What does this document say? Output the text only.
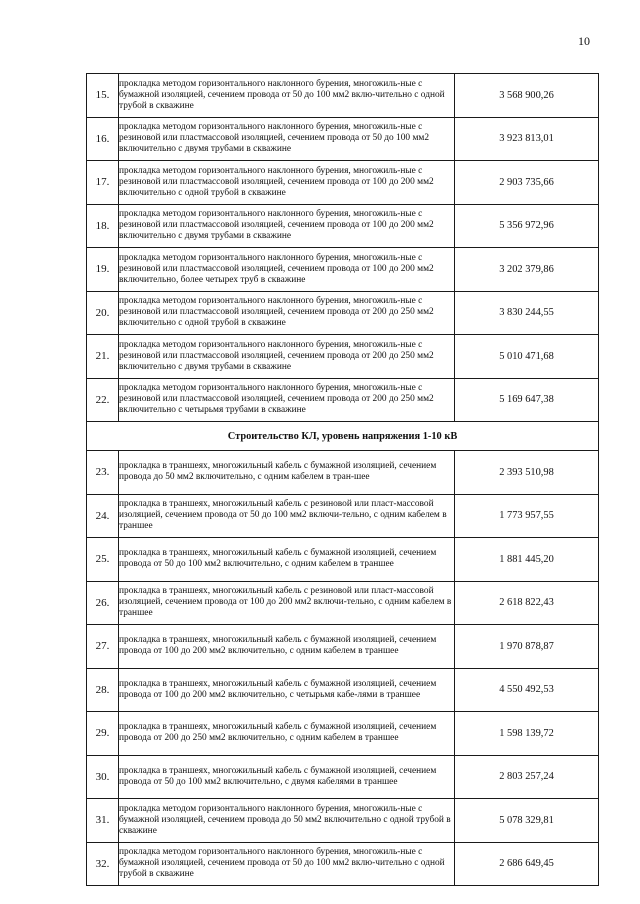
10
15.	прокладка методом горизонтального наклонного бурения, многожиль-ные с бумажной изоляцией, сечением провода от 50 до 100 мм2 вклю-чительно с одной трубой в скважине	3 568 900,26
16.	прокладка методом горизонтального наклонного бурения, многожиль-ные с резиновой или пластмассовой изоляцией, сечением провода от 50 до 100 мм2 включительно с двумя трубами в скважине	3 923 813,01
17.	прокладка методом горизонтального наклонного бурения, многожиль-ные с резиновой или пластмассовой изоляцией, сечением провода от 100 до 200 мм2 включительно с одной трубой в скважине	2 903 735,66
18.	прокладка методом горизонтального наклонного бурения, многожиль-ные с резиновой или пластмассовой изоляцией, сечением провода от 100 до 200 мм2 включительно с двумя трубами в скважине	5 356 972,96
19.	прокладка методом горизонтального наклонного бурения, многожиль-ные с резиновой или пластмассовой изоляцией, сечением провода от 100 до 200 мм2 включительно, более четырех труб в скважине	3 202 379,86
20.	прокладка методом горизонтального наклонного бурения, многожиль-ные с резиновой или пластмассовой изоляцией, сечением провода от 200 до 250 мм2 включительно с одной трубой в скважине	3 830 244,55
21.	прокладка методом горизонтального наклонного бурения, многожиль-ные с резиновой или пластмассовой изоляцией, сечением провода от 200 до 250 мм2 включительно с двумя трубами в скважине	5 010 471,68
22.	прокладка методом горизонтального наклонного бурения, многожиль-ные с резиновой или пластмассовой изоляцией, сечением провода от 200 до 250 мм2 включительно с четырьмя трубами в скважине	5 169 647,38
Строительство КЛ, уровень напряжения 1-10 кВ		
23.	прокладка в траншеях, многожильный кабель с бумажной изоляцией, сечением провода до 50 мм2 включительно, с одним кабелем в тран-шее	2 393 510,98
24.	прокладка в траншеях, многожильный кабель с резиновой или пласт-массовой изоляцией, сечением провода от 50 до 100 мм2 включи-тельно, с одним кабелем в траншее	1 773 957,55
25.	прокладка в траншеях, многожильный кабель с бумажной изоляцией, сечением провода от 50 до 100 мм2 включительно, с одним кабелем в траншее	1 881 445,20
26.	прокладка в траншеях, многожильный кабель с резиновой или пласт-массовой изоляцией, сечением провода от 100 до 200 мм2 включи-тельно, с одним кабелем в траншее	2 618 822,43
27.	прокладка в траншеях, многожильный кабель с бумажной изоляцией, сечением провода от 100 до 200 мм2 включительно, с одним кабелем в траншее	1 970 878,87
28.	прокладка в траншеях, многожильный кабель с бумажной изоляцией, сечением провода от 100 до 200 мм2 включительно, с четырьмя кабе-лями в траншее	4 550 492,53
29.	прокладка в траншеях, многожильный кабель с бумажной изоляцией, сечением провода от 200 до 250 мм2 включительно, с одним кабелем в траншее	1 598 139,72
30.	прокладка в траншеях, многожильный кабель с бумажной изоляцией, сечением провода от 50 до 100 мм2 включительно, с двумя кабелями в траншее	2 803 257,24
31.	прокладка методом горизонтального наклонного бурения, многожиль-ные с бумажной изоляцией, сечением провода до 50 мм2 включительно с одной трубой в скважине	5 078 329,81
32.	прокладка методом горизонтального наклонного бурения, многожиль-ные с бумажной изоляцией, сечением провода от 50 до 100 мм2 вклю-чительно с одной трубой в скважине	2 686 649,45
